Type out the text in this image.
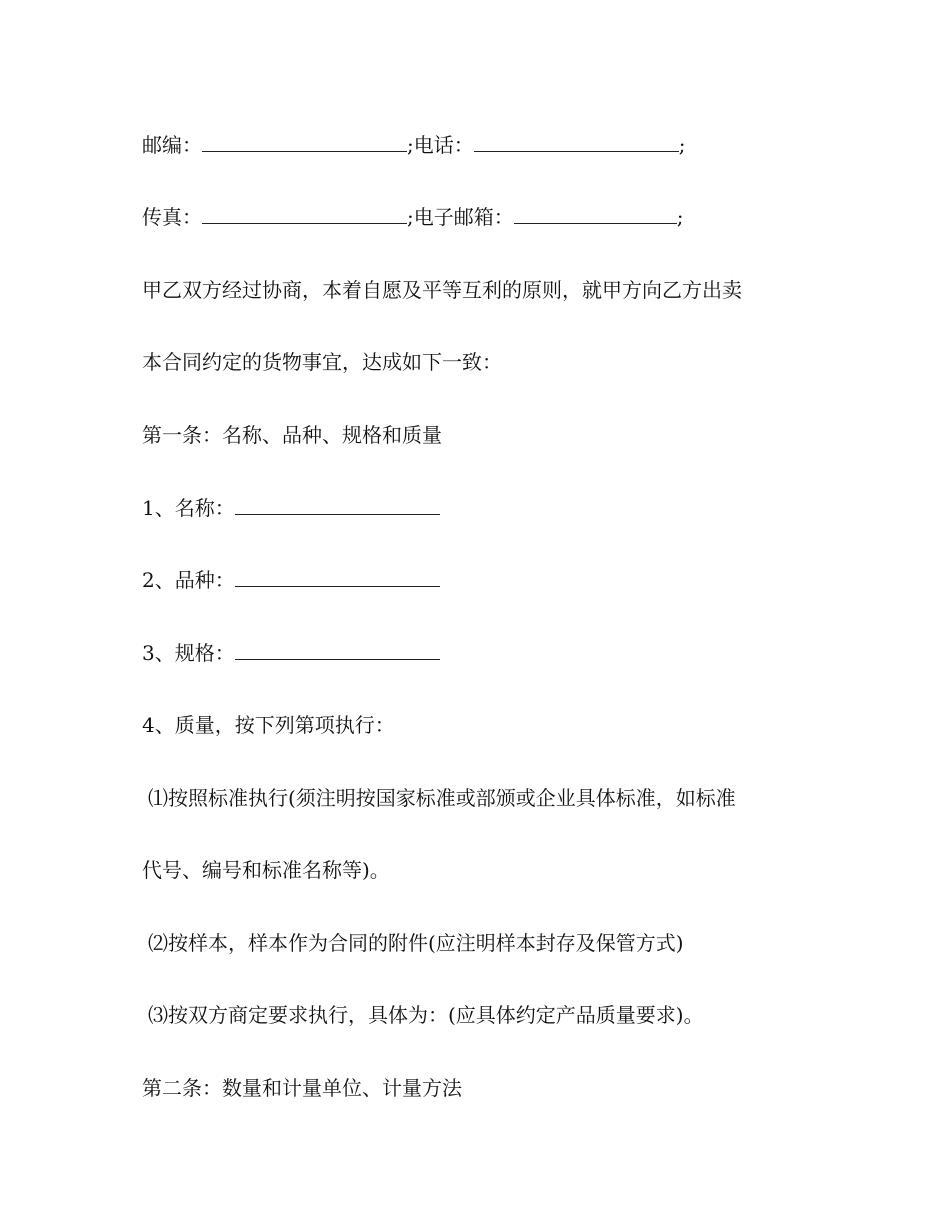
邮编：	;电话：	;
传真：	;电子邮箱：	;
甲乙双方经过协商，本着自愿及平等互利的原则，就甲方向乙方出卖
本合同约定的货物事宜，达成如下一致：
第一条：名称、品种、规格和质量
1、名称：
2、品种：
3、规格：
4、质量，按下列第项执行：
⑴按照标准执行(须注明按国家标准或部颁或企业具体标准，如标准
代号、编号和标准名称等)。
⑵按样本，样本作为合同的附件(应注明样本封存及保管方式)
⑶按双方商定要求执行，具体为：(应具体约定产品质量要求)。
第二条：数量和计量单位、计量方法
